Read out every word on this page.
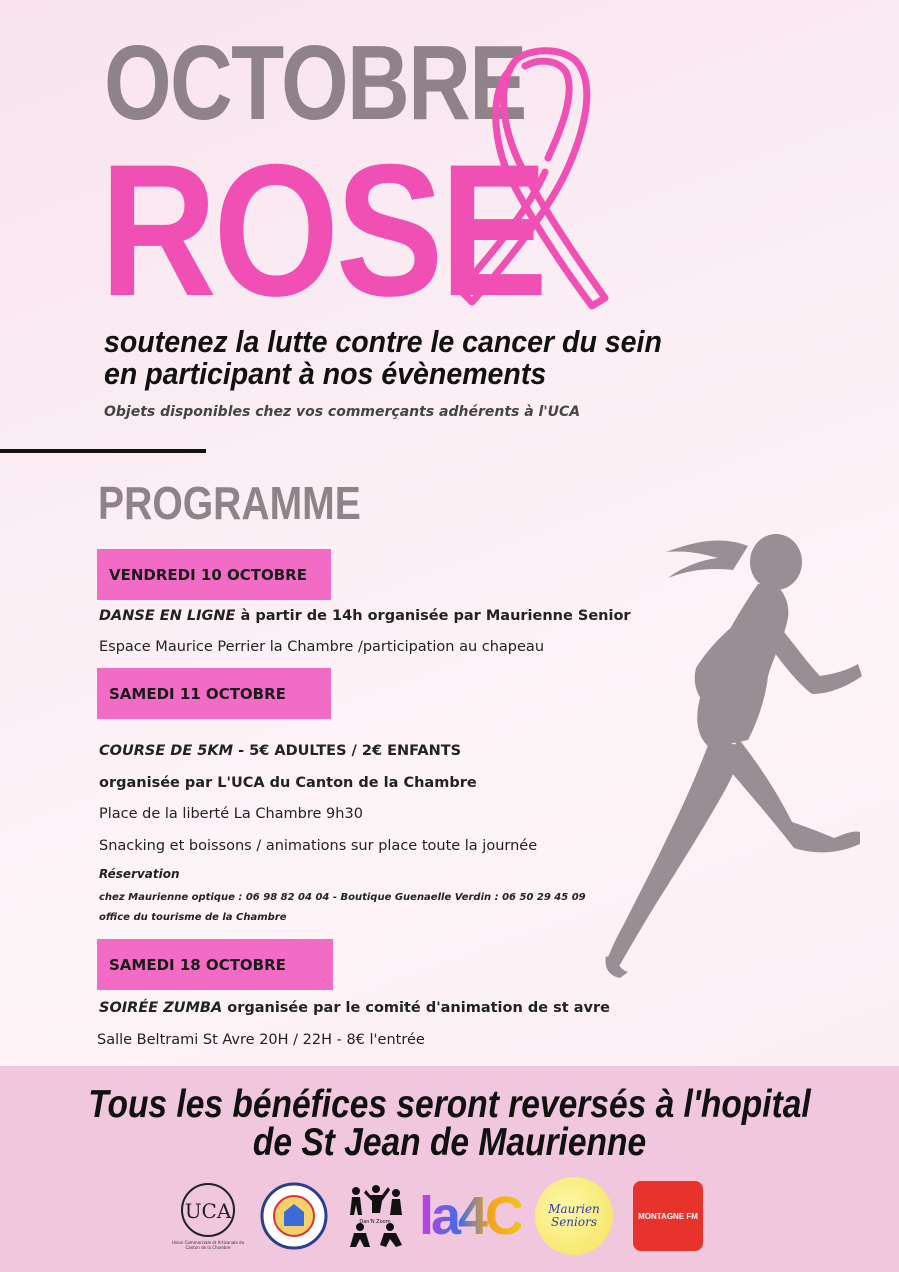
OCTOBRE
ROSE
soutenez la lutte contre le cancer du sein
en participant à nos évènements
Objets disponibles chez vos commerçants adhérents à l'UCA
PROGRAMME
VENDREDI 10 OCTOBRE
DANSE EN LIGNE à partir de 14h organisée par Maurienne Senior
Espace Maurice Perrier la Chambre /participation au chapeau
SAMEDI 11 OCTOBRE
COURSE DE 5KM - 5€ ADULTES / 2€ ENFANTS
organisée par L'UCA du Canton de la Chambre
Place de la liberté La Chambre 9h30
Snacking et boissons / animations sur place toute la journée
Réservation
chez Maurienne optique : 06 98 82 04 04 - Boutique Guenaelle Verdin : 06 50 29 45 09
office du tourisme de la Chambre
SAMEDI 18 OCTOBRE
SOIRÉE ZUMBA organisée par le comité d'animation de st avre
Salle Beltrami St Avre 20H / 22H - 8€ l'entrée
Tous les bénéfices seront reversés à l'hopital
de St Jean de Maurienne
UCA
Union Commerciale et Artisanale du Canton de la Chambre
Dan'N Zoom la4C Maurien
Seniors	MONTAGNE FM
